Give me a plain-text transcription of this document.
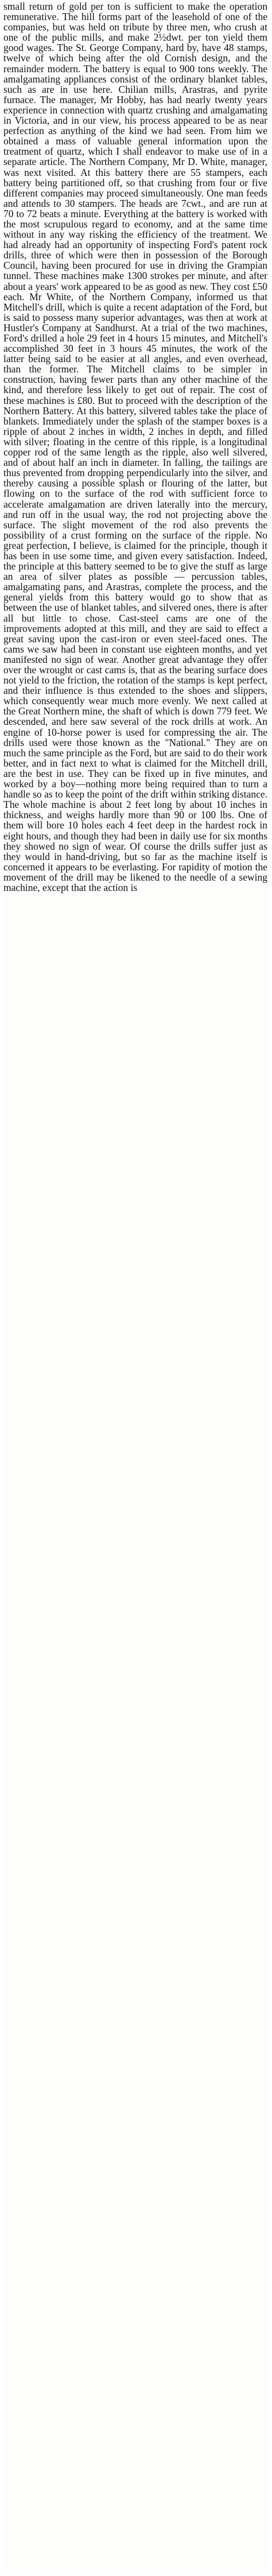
small return of gold per ton is sufficient to make the operation remunerative. The hill forms part of the leasehold of one of the companies, but was held on tribute by three men, who crush at one of the public mills, and make 2½dwt. per ton yield them good wages. The St. George Company, hard by, have 48 stamps, twelve of which being after the old Cornish design, and the remainder modern. The battery is equal to 900 tons weekly. The amalgamating appliances consist of the ordinary blanket tables, such as are in use here. Chilian mills, Arastras, and pyrite furnace. The manager, Mr Hobby, has had nearly twenty years experience in connection with quartz crushing and amalgamating in Victoria, and in our view, his process appeared to be as near perfection as anything of the kind we had seen. From him we obtained a mass of valuable general information upon the treatment of quartz, which I shall endeavor to make use of in a separate article. The Northern Company, Mr D. White, manager, was next visited. At this battery there are 55 stampers, each battery being partitioned off, so that crushing from four or five different companies may proceed simultaneously. One man feeds and attends to 30 stampers. The heads are 7cwt., and are run at 70 to 72 beats a minute. Everything at the battery is worked with the most scrupulous regard to economy, and at the same time without in any way risking the efficiency of the treatment. We had already had an opportunity of inspecting Ford's patent rock drills, three of which were then in possession of the Borough Council, having been procured for use in driving the Grampian tunnel. These machines make 1300 strokes per minute, and after about a years' work appeared to be as good as new. They cost £50 each. Mr White, of the Northern Company, informed us that Mitchell's drill, which is quite a recent adaptation of the Ford, but is said to possess many superior advantages, was then at work at Hustler's Company at Sandhurst. At a trial of the two machines, Ford's drilled a hole 29 feet in 4 hours 15 minutes, and Mitchell's accomplished 30 feet in 3 hours 45 minutes, the work of the latter being said to be easier at all angles, and even overhead, than the former. The Mitchell claims to be simpler in construction, having fewer parts than any other machine of the kind, and therefore less likely to get out of repair. The cost of these machines is £80. But to proceed with the description of the Northern Battery. At this battery, silvered tables take the place of blankets. Immediately under the splash of the stamper boxes is a ripple of about 2 inches in width, 2 inches in depth, and filled with silver; floating in the centre of this ripple, is a longitudinal copper rod of the same length as the ripple, also well silvered, and of about half an inch in diameter. In falling, the tailings are thus prevented from dropping perpendicularly into the silver, and thereby causing a possible splash or flouring of the latter, but flowing on to the surface of the rod with sufficient force to accelerate amalgamation are driven laterally into the mercury, and run off in the usual way, the rod not projecting above the surface. The slight movement of the rod also prevents the possibility of a crust forming on the surface of the ripple. No great perfection, I believe, is claimed for the principle, though it has been in use some time, and given every satisfaction. Indeed, the principle at this battery seemed to be to give the stuff as large an area of silver plates as possible — percussion tables, amalgamating pans, and Arastras, complete the process, and the general yields from this battery would go to show that as between the use of blanket tables, and silvered ones, there is after all but little to chose. Cast-steel cams are one of the improvements adopted at this mill, and they are said to effect a great saving upon the cast-iron or even steel-faced ones. The cams we saw had been in constant use eighteen months, and yet manifested no sign of wear. Another great advantage they offer over the wrought or cast cams is, that as the bearing surface does not yield to the friction, the rotation of the stamps is kept perfect, and their influence is thus extended to the shoes and slippers, which consequently wear much more evenly. We next called at the Great Northern mine, the shaft of which is down 779 feet. We descended, and here saw several of the rock drills at work. An engine of 10-horse power is used for compressing the air. The drills used were those known as the "National." They are on much the same principle as the Ford, but are said to do their work better, and in fact next to what is claimed for the Mitchell drill, are the best in use. They can be fixed up in five minutes, and worked by a boy—nothing more being required than to turn a handle so as to keep the point of the drift within striking distance. The whole machine is about 2 feet long by about 10 inches in thickness, and weighs hardly more than 90 or 100 lbs. One of them will bore 10 holes each 4 feet deep in the hardest rock in eight hours, and though they had been in daily use for six months they showed no sign of wear. Of course the drills suffer just as they would in hand-driving, but so far as the machine itself is concerned it appears to be everlasting. For rapidity of motion the movement of the drill may be likened to the needle of a sewing machine, except that the action is
